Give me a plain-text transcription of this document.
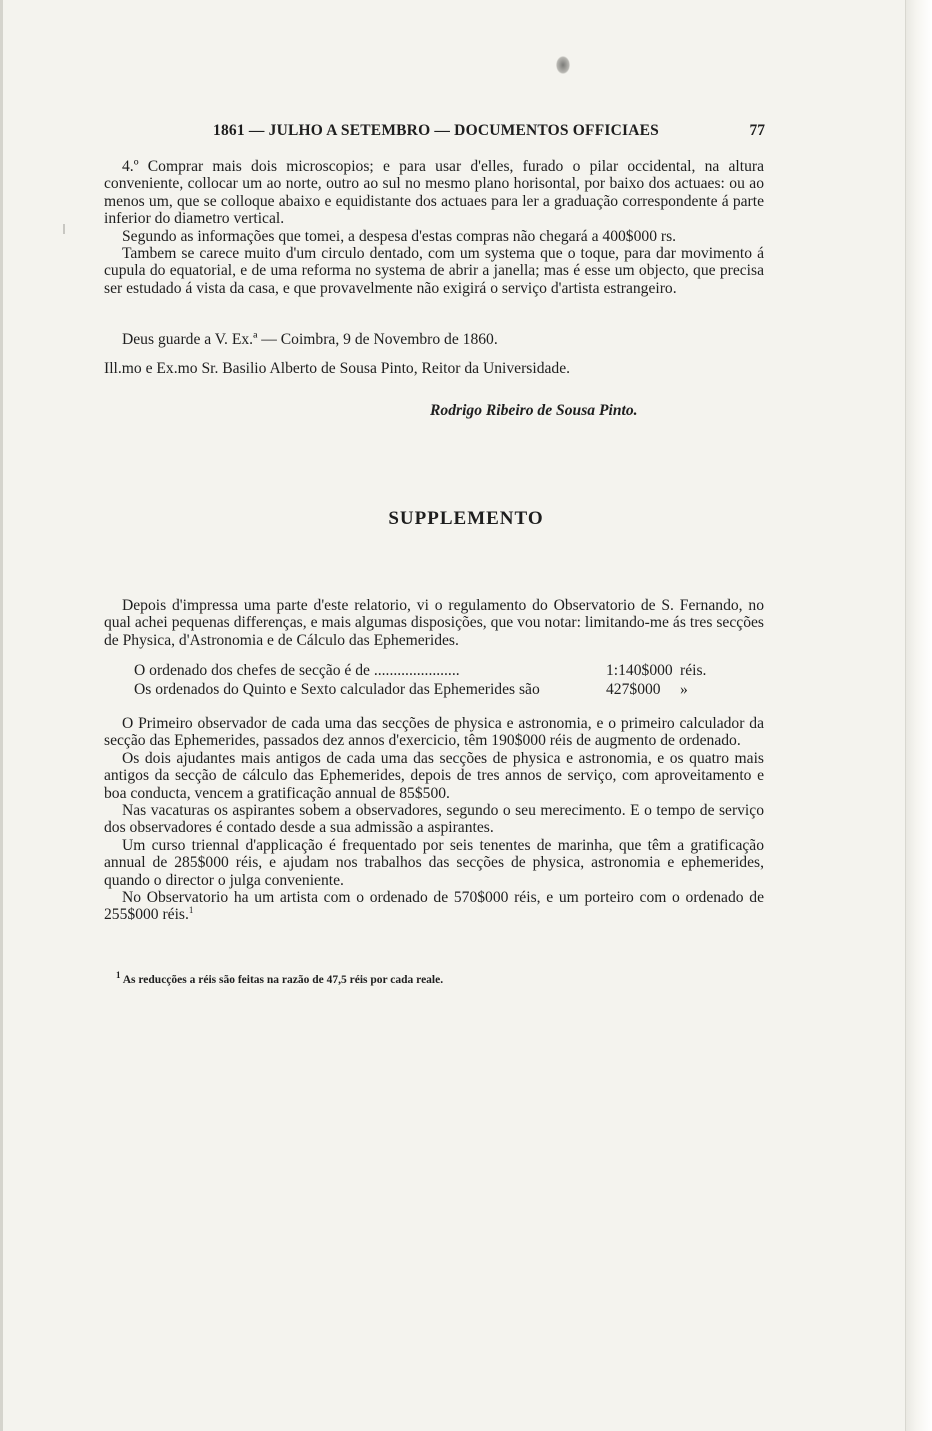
1861 — JULHO A SETEMBRO — DOCUMENTOS OFFICIAES	77

4.º Comprar mais dois microscopios; e para usar d'elles, furado o pilar occidental, na altura conveniente, collocar um ao norte, outro ao sul no mesmo plano horisontal, por baixo dos actuaes: ou ao menos um, que se colloque abaixo e equidistante dos actuaes para ler a graduação correspondente á parte inferior do diametro vertical.

Segundo as informações que tomei, a despesa d'estas compras não chegará a 400$000 rs.

Tambem se carece muito d'um circulo dentado, com um systema que o toque, para dar movimento á cupula do equatorial, e de uma reforma no systema de abrir a janella; mas é esse um objecto, que precisa ser estudado á vista da casa, e que provavelmente não exigirá o serviço d'artista estrangeiro.

Deus guarde a V. Ex.ª — Coimbra, 9 de Novembro de 1860.

Ill.mo e Ex.mo Sr. Basilio Alberto de Sousa Pinto, Reitor da Universidade.

Rodrigo Ribeiro de Sousa Pinto.
SUPPLEMENTO

Depois d'impressa uma parte d'este relatorio, vi o regulamento do Observatorio de S. Fernando, no qual achei pequenas differenças, e mais algumas disposições, que vou notar: limitando-me ás tres secções de Physica, d'Astronomia e de Cálculo das Ephemerides.

O ordenado dos chefes de secção é de ......................	1:140$000 réis.
Os ordenados do Quinto e Sexto calculador das Ephemerides são	427$000 »

O Primeiro observador de cada uma das secções de physica e astronomia, e o primeiro calculador da secção das Ephemerides, passados dez annos d'exercicio, têm 190$000 réis de augmento de ordenado.

Os dois ajudantes mais antigos de cada uma das secções de physica e astronomia, e os quatro mais antigos da secção de cálculo das Ephemerides, depois de tres annos de serviço, com aproveitamento e boa conducta, vencem a gratificação annual de 85$500.

Nas vacaturas os aspirantes sobem a observadores, segundo o seu merecimento. E o tempo de serviço dos observadores é contado desde a sua admissão a aspirantes.

Um curso triennal d'applicação é frequentado por seis tenentes de marinha, que têm a gratificação annual de 285$000 réis, e ajudam nos trabalhos das secções de physica, astronomia e ephemerides, quando o director o julga conveniente.

No Observatorio ha um artista com o ordenado de 570$000 réis, e um porteiro com o ordenado de 255$000 réis.$^1$

$^1$ As reducções a réis são feitas na razão de 47,5 réis por cada reale.
